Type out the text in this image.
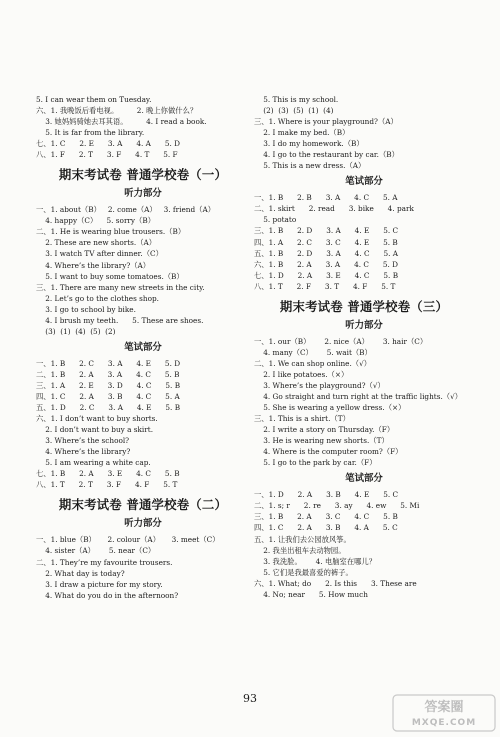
5. I can wear them on Tuesday.
六、1. 我晚饭后看电视。        2. 晚上你做什么？
3. 她妈妈骑她去耳其语。        4. I read a book.
5. It is far from the library.
七、1. C      2. E      3. A      4. A      5. D
八、1. F      2. T      3. F      4. T      5. F
期末考试卷 普通学校卷（一）
听力部分
一、1. about（B）   2. come（A）   3. friend（A）
4. happy（C）    5. sorry（B）
二、1. He is wearing blue trousers.（B）
2. These are new shorts.（A）
3. I watch TV after dinner.（C）
4. Where’s the library?（A）
5. I want to buy some tomatoes.（B）
三、1. There are many new streets in the city.
2. Let’s go to the clothes shop.
3. I go to school by bike.
4. I brush my teeth.      5. These are shoes.
(3)  (1)  (4)  (5)  (2)
笔试部分
一、1. B      2. C      3. A      4. E      5. D
二、1. B      2. A      3. A      4. C      5. B
三、1. A      2. E      3. D      4. C      5. B
四、1. C      2. A      3. B      4. C      5. A
五、1. D      2. C      3. A      4. E      5. B
六、1. I don’t want to buy shorts.
2. I don’t want to buy a skirt.
3. Where’s the school?
4. Where’s the library?
5. I am wearing a white cap.
七、1. B      2. A      3. E      4. C      5. B
八、1. T      2. T      3. F      4. F      5. T
期末考试卷 普通学校卷（二）
听力部分
一、1. blue（B）     2. colour（A）     3. meet（C）
4. sister（A）      5. near（C）
二、1. They’re my favourite trousers.
2. What day is today?
3. I draw a picture for my story.
4. What do you do in the afternoon?
5. This is my school.
(2)  (3)  (5)  (1)  (4)
三、1. Where is your playground?（A）
2. I make my bed.（B）
3. I do my homework.（B）
4. I go to the restaurant by car.（B）
5. This is a new dress.（A）
笔试部分
一、1. B      2. B      3. A      4. C      5. A
二、1. skirt      2. read      3. bike      4. park
5. potato
三、1. B      2. D      3. A      4. E      5. C
四、1. A      2. C      3. C      4. E      5. B
五、1. B      2. D      3. A      4. C      5. A
六、1. B      2. A      3. A      4. C      5. D
七、1. D      2. A      3. E      4. C      5. B
八、1. T      2. F      3. T      4. F      5. T
期末考试卷 普通学校卷（三）
听力部分
一、1. our（B）      2. nice（A）      3. hair（C）
4. many（C）      5. wait（B）
二、1. We can shop online.（√）
2. I like potatoes.（×）
3. Where’s the playground?（√）
4. Go straight and turn right at the traffic lights.（√）
5. She is wearing a yellow dress.（×）
三、1. This is a shirt.（T）
2. I write a story on Thursday.（F）
3. He is wearing new shorts.（T）
4. Where is the computer room?（F）
5. I go to the park by car.（F）
笔试部分
一、1. D      2. A      3. B      4. E      5. C
二、1. s; r      2. re      3. ay      4. ew      5. Mi
三、1. B      2. A      3. C      4. C      5. B
四、1. C      2. A      3. B      4. A      5. C
五、1. 让我们去公园放风筝。
2. 我坐出租车去动物园。
3. 我洗脸。      4. 电脑室在哪儿？
5. 它们是我最喜爱的裤子。
六、1. What; do      2. Is this      3. These are
4. No; near      5. How much
93
答案圈
MXQE.COM
